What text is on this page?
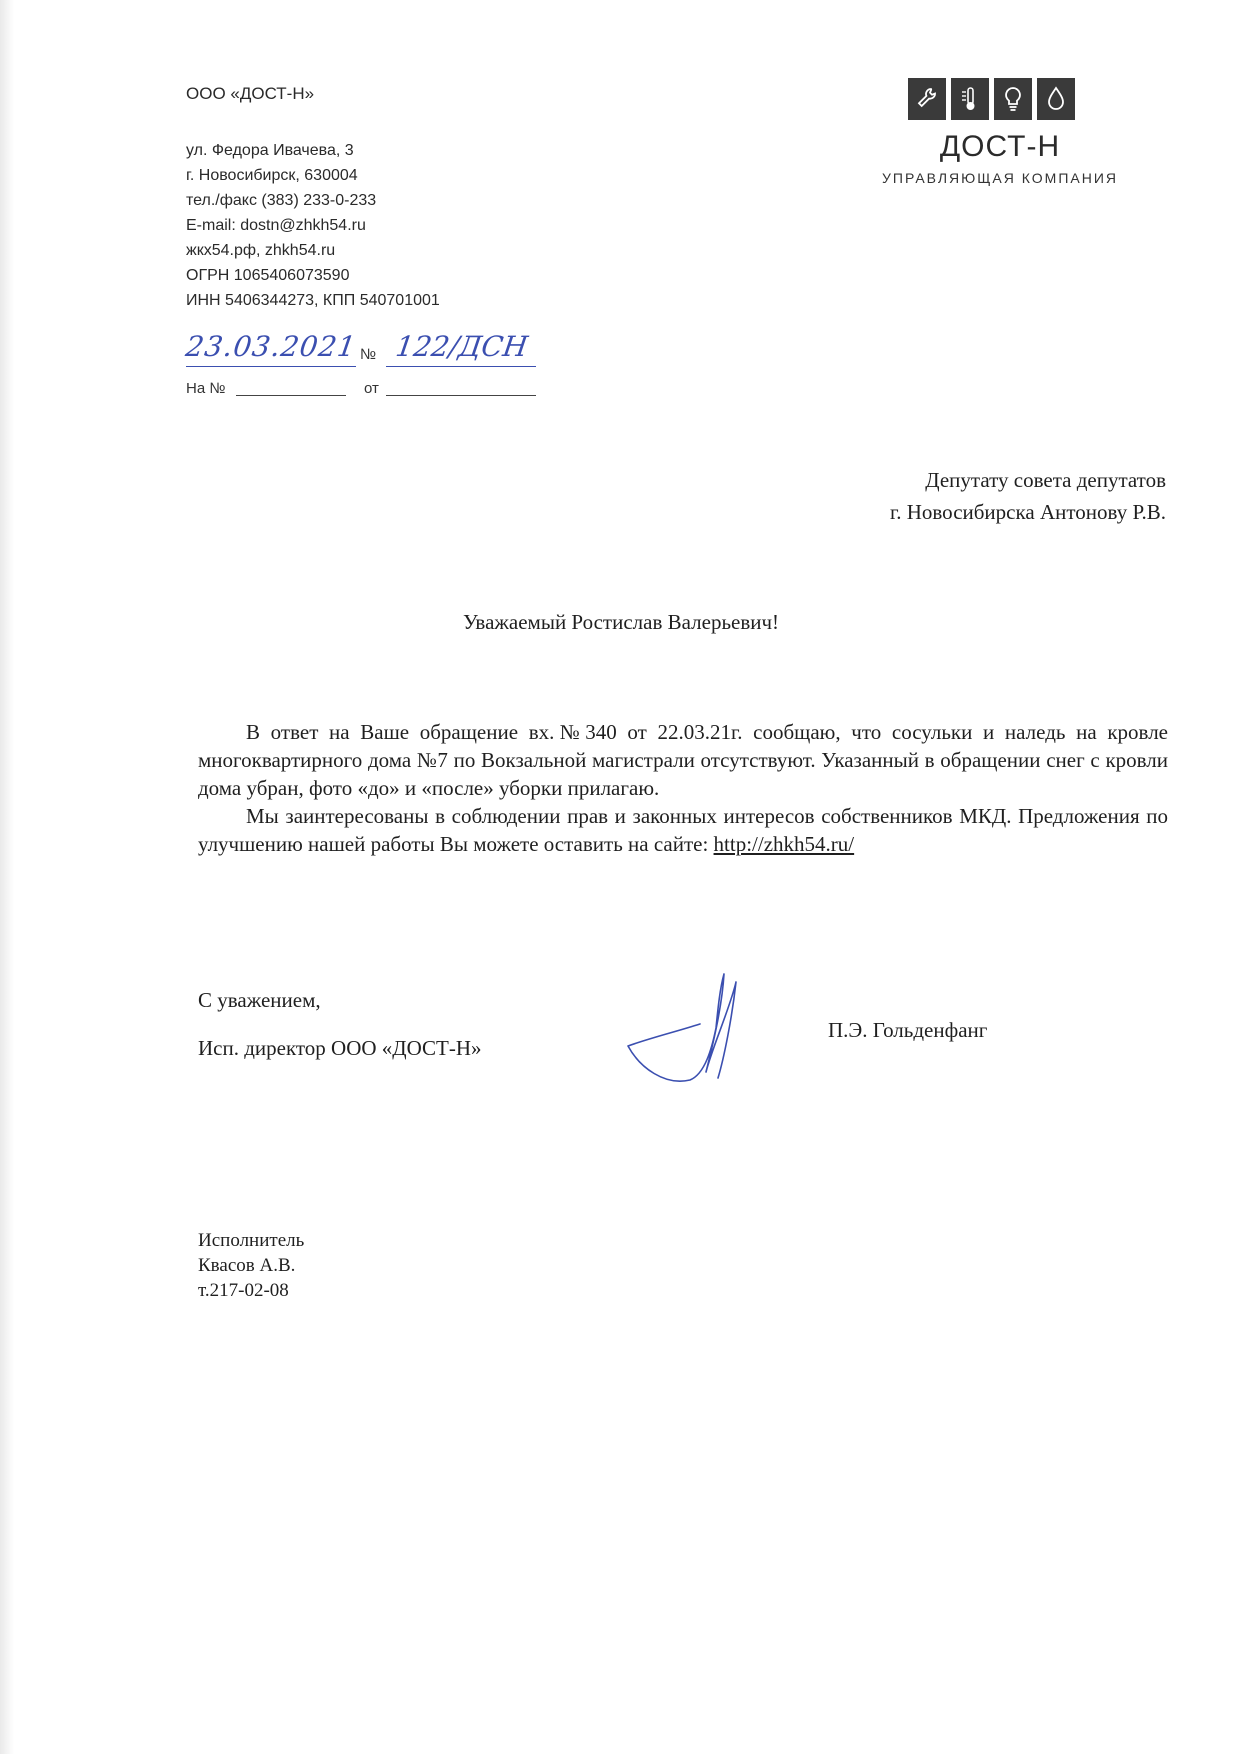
ООО «ДОСТ-Н»
ул. Федора Ивачева, 3
г. Новосибирск, 630004
тел./факс (383) 233-0-233
E-mail: dostn@zhkh54.ru
жкх54.рф, zhkh54.ru
ОГРН 1065406073590
ИНН 5406344273, КПП 540701001
23.03.2021 № 122/ДСН
На №	от
ДОСТ-Н
УПРАВЛЯЮЩАЯ КОМПАНИЯ
Депутату совета депутатов
г. Новосибирска Антонову Р.В.
Уважаемый Ростислав Валерьевич!

В ответ на Ваше обращение вх.№340 от 22.03.21г. сообщаю, что сосульки и наледь на кровле многоквартирного дома №7 по Вокзальной магистрали отсутствуют. Указанный в обращении снег с кровли дома убран, фото «до» и «после» уборки прилагаю.

Мы заинтересованы в соблюдении прав и законных интересов собственников МКД. Предложения по улучшению нашей работы Вы можете оставить на сайте: http://zhkh54.ru/

С уважением,
Исп. директор ООО «ДОСТ-Н»
П.Э. Гольденфанг
Исполнитель
Квасов А.В.
т.217-02-08
